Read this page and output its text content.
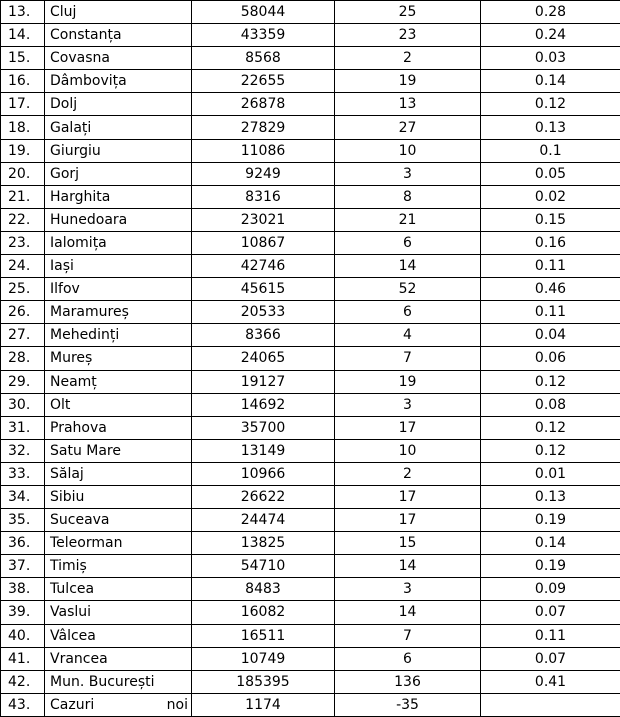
13.	Cluj	58044	25	0.28
14.	Constanța	43359	23	0.24
15.	Covasna	8568	2	0.03
16.	Dâmbovița	22655	19	0.14
17.	Dolj	26878	13	0.12
18.	Galați	27829	27	0.13
19.	Giurgiu	11086	10	0.1
20.	Gorj	9249	3	0.05
21.	Harghita	8316	8	0.02
22.	Hunedoara	23021	21	0.15
23.	Ialomița	10867	6	0.16
24.	Iași	42746	14	0.11
25.	Ilfov	45615	52	0.46
26.	Maramureș	20533	6	0.11
27.	Mehedinți	8366	4	0.04
28.	Mureș	24065	7	0.06
29.	Neamț	19127	19	0.12
30.	Olt	14692	3	0.08
31.	Prahova	35700	17	0.12
32.	Satu Mare	13149	10	0.12
33.	Sălaj	10966	2	0.01
34.	Sibiu	26622	17	0.13
35.	Suceava	24474	17	0.19
36.	Teleorman	13825	15	0.14
37.	Timiș	54710	14	0.19
38.	Tulcea	8483	3	0.09
39.	Vaslui	16082	14	0.07
40.	Vâlcea	16511	7	0.11
41.	Vrancea	10749	6	0.07
42.	Mun. București	185395	136	0.41
43.	Cazuri noi	1174	-35	
